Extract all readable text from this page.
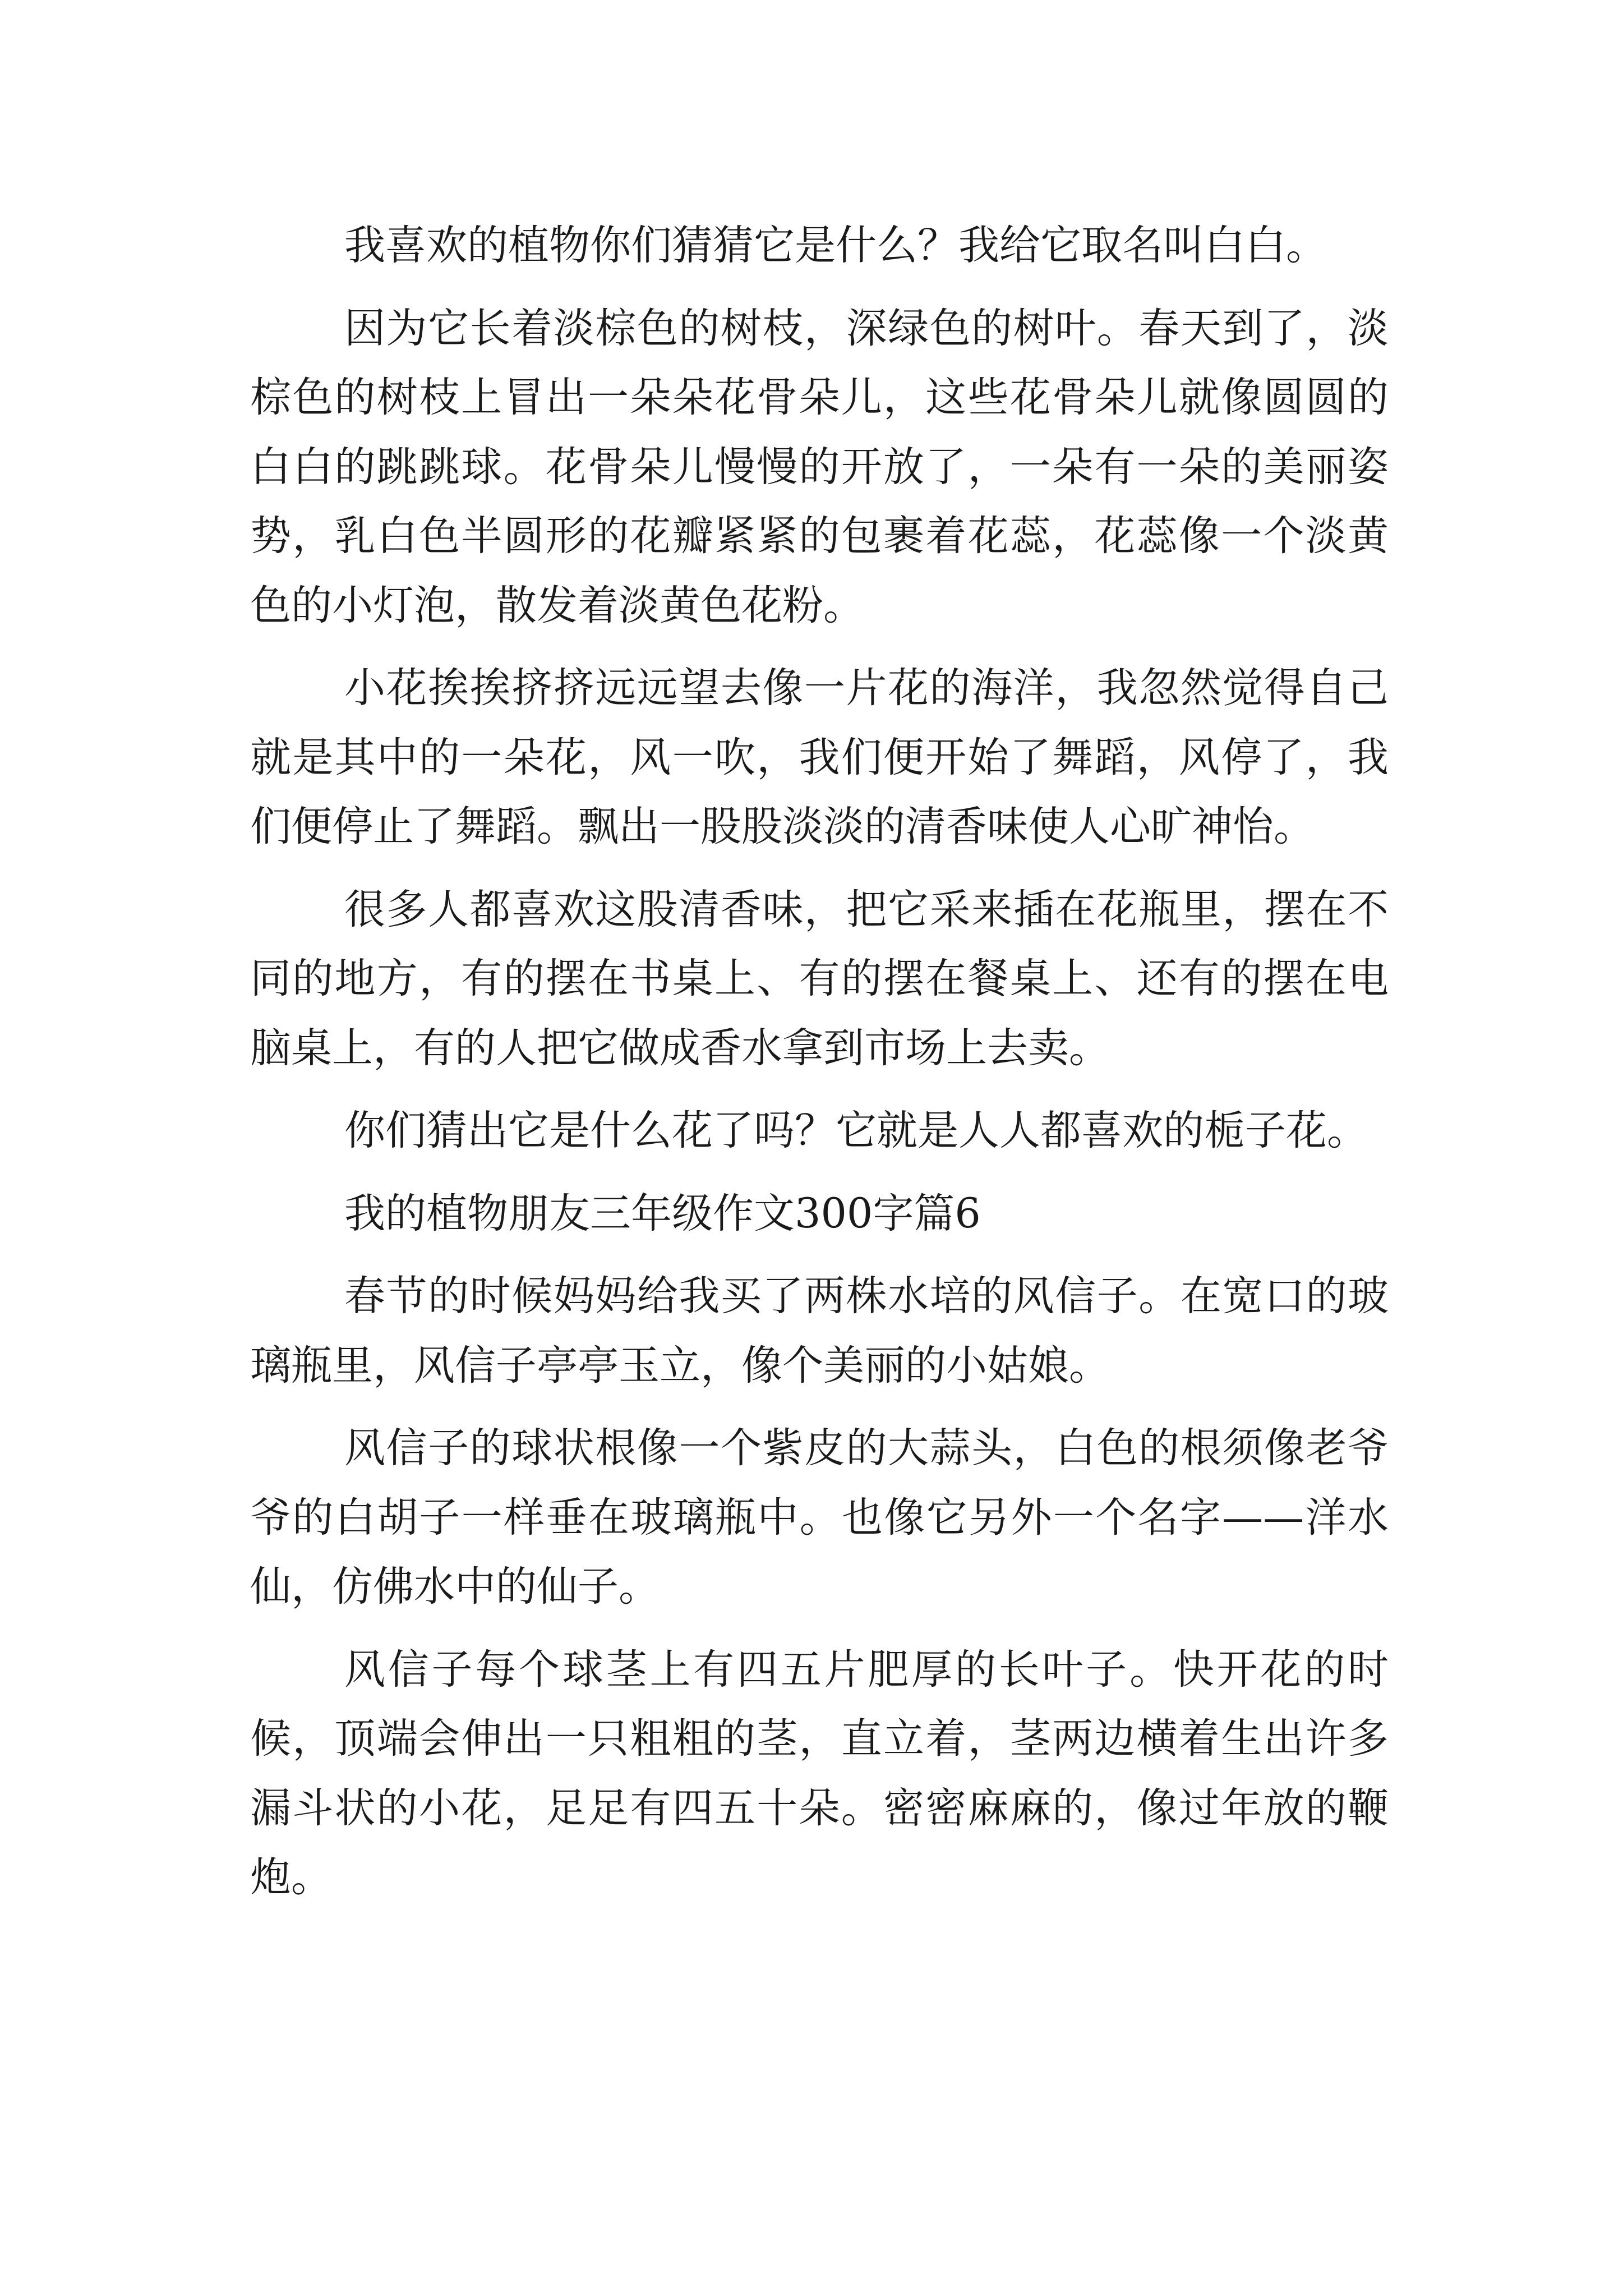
我喜欢的植物你们猜猜它是什么？我给它取名叫白白。

因为它长着淡棕色的树枝，深绿色的树叶。春天到了，淡棕色的树枝上冒出一朵朵花骨朵儿，这些花骨朵儿就像圆圆的白白的跳跳球。花骨朵儿慢慢的开放了，一朵有一朵的美丽姿势，乳白色半圆形的花瓣紧紧的包裹着花蕊，花蕊像一个淡黄色的小灯泡，散发着淡黄色花粉。

小花挨挨挤挤远远望去像一片花的海洋，我忽然觉得自己就是其中的一朵花，风一吹，我们便开始了舞蹈，风停了，我们便停止了舞蹈。飘出一股股淡淡的清香味使人心旷神怡。

很多人都喜欢这股清香味，把它采来插在花瓶里，摆在不同的地方，有的摆在书桌上、有的摆在餐桌上、还有的摆在电脑桌上，有的人把它做成香水拿到市场上去卖。

你们猜出它是什么花了吗？它就是人人都喜欢的栀子花。

我的植物朋友三年级作文300字篇6

春节的时候妈妈给我买了两株水培的风信子。在宽口的玻璃瓶里，风信子亭亭玉立，像个美丽的小姑娘。

风信子的球状根像一个紫皮的大蒜头，白色的根须像老爷爷的白胡子一样垂在玻璃瓶中。也像它另外一个名字——洋水仙，仿佛水中的仙子。

风信子每个球茎上有四五片肥厚的长叶子。快开花的时候，顶端会伸出一只粗粗的茎，直立着，茎两边横着生出许多漏斗状的小花，足足有四五十朵。密密麻麻的，像过年放的鞭炮。
